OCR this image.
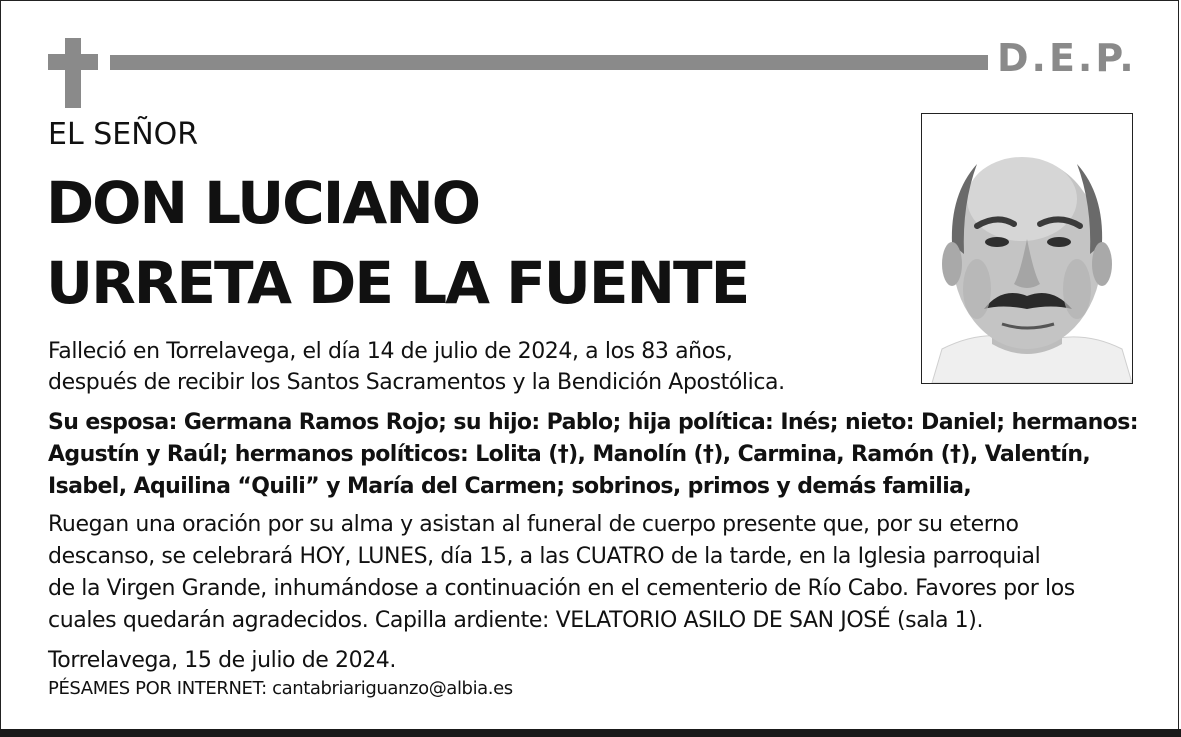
D.E.P.
EL SEÑOR
DON LUCIANO
URRETA DE LA FUENTE
Falleció en Torrelavega, el día 14 de julio de 2024, a los 83 años,
después de recibir los Santos Sacramentos y la Bendición Apostólica.
Su esposa: Germana Ramos Rojo; su hijo: Pablo; hija política: Inés; nieto: Daniel; hermanos:
Agustín y Raúl; hermanos políticos: Lolita (†), Manolín (†), Carmina, Ramón (†), Valentín,
Isabel, Aquilina “Quili” y María del Carmen; sobrinos, primos y demás familia,
Ruegan una oración por su alma y asistan al funeral de cuerpo presente que, por su eterno
descanso, se celebrará HOY, LUNES, día 15, a las CUATRO de la tarde, en la Iglesia parroquial
de la Virgen Grande, inhumándose a continuación en el cementerio de Río Cabo. Favores por los
cuales quedarán agradecidos. Capilla ardiente: VELATORIO ASILO DE SAN JOSÉ (sala 1).
Torrelavega, 15 de julio de 2024.
PÉSAMES POR INTERNET: cantabriariguanzo@albia.es
